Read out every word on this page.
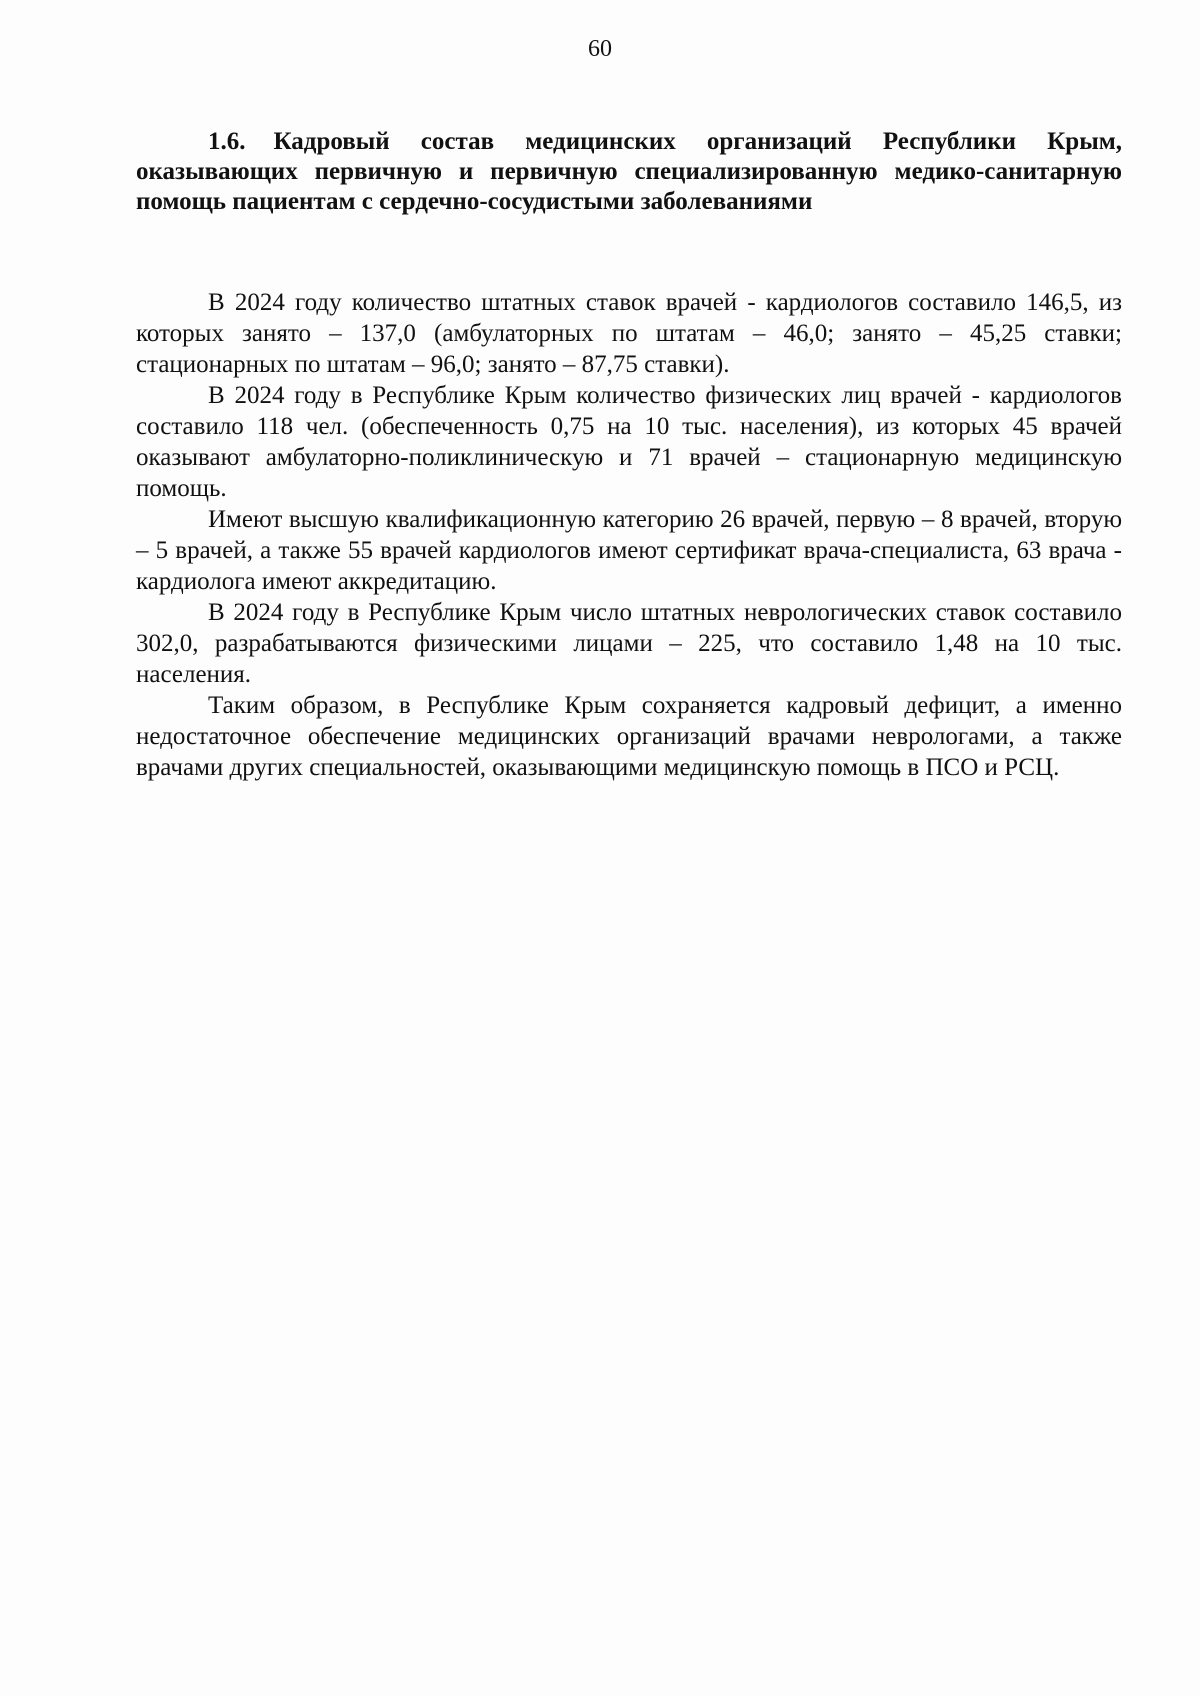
60
1.6. Кадровый состав медицинских организаций Республики Крым, оказывающих первичную и первичную специализированную медико-санитарную помощь пациентам с сердечно-сосудистыми заболеваниями

В 2024 году количество штатных ставок врачей - кардиологов составило 146,5, из которых занято – 137,0 (амбулаторных по штатам – 46,0; занято – 45,25 ставки; стационарных по штатам – 96,0; занято – 87,75 ставки).

В 2024 году в Республике Крым количество физических лиц врачей - кардиологов составило 118 чел. (обеспеченность 0,75 на 10 тыс. населения), из которых 45 врачей оказывают амбулаторно-поликлиническую и 71 врачей – стационарную медицинскую помощь.

Имеют высшую квалификационную категорию 26 врачей, первую – 8 врачей, вторую – 5 врачей, а также 55 врачей кардиологов имеют сертификат врача-специалиста, 63 врача - кардиолога имеют аккредитацию.

В 2024 году в Республике Крым число штатных неврологических ставок составило 302,0, разрабатываются физическими лицами – 225, что составило 1,48 на 10 тыс. населения.

Таким образом, в Республике Крым сохраняется кадровый дефицит, а именно недостаточное обеспечение медицинских организаций врачами неврологами, а также врачами других специальностей, оказывающими медицинскую помощь в ПСО и РСЦ.
